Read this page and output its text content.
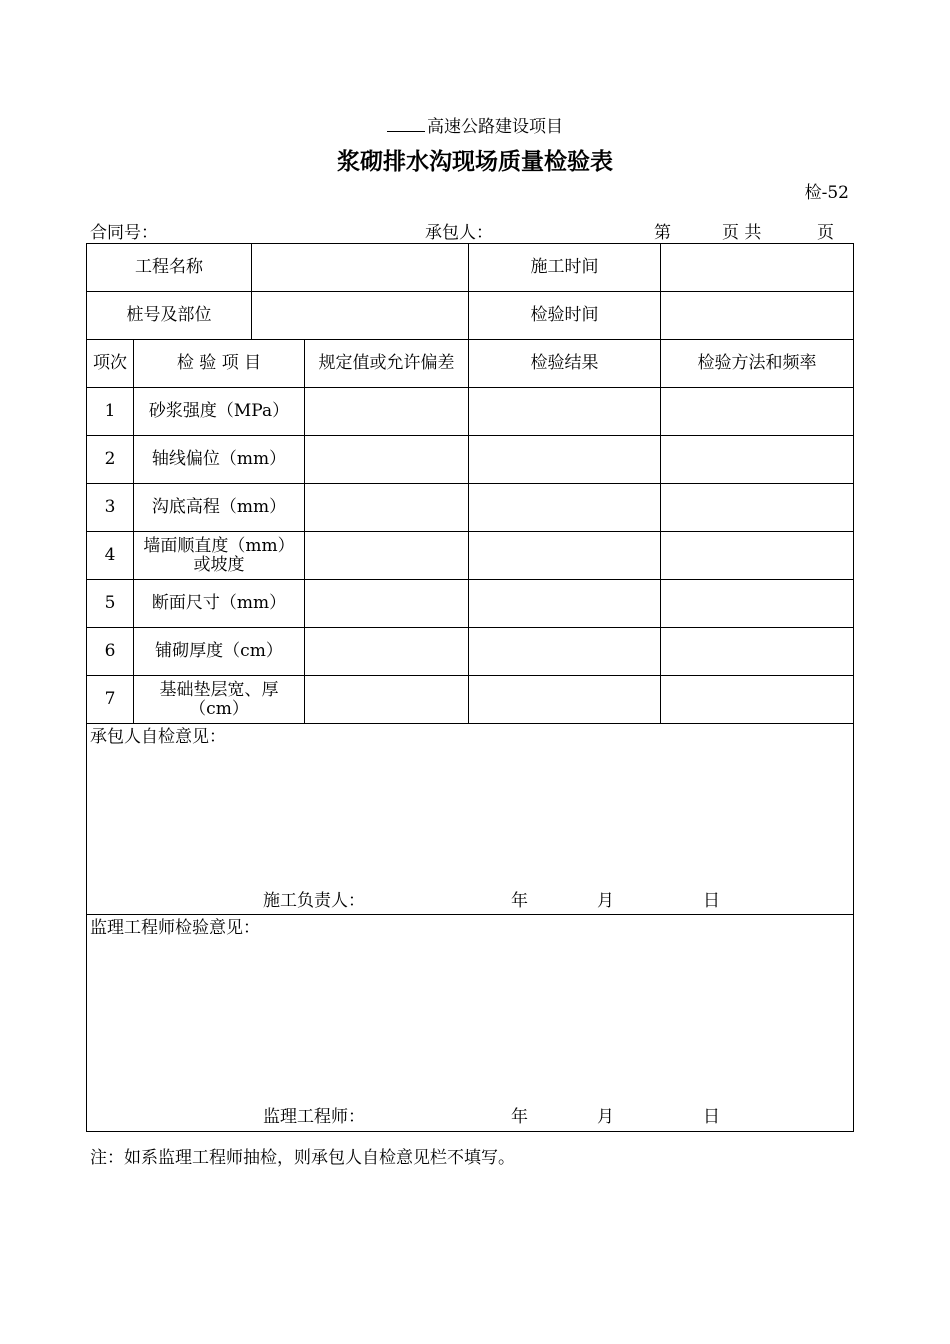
高速公路建设项目
浆砌排水沟现场质量检验表
检-52
合同号：	承包人：	第	页 共	页
工程名称				施工时间	
桩号及部位				检验时间	
项次	检 验 项 目		规定值或允许偏差	检验结果	检验方法和频率
1	砂浆强度（MPa）				
2	轴线偏位（mm）				
3	沟底高程（mm）				
4	墙面顺直度（mm）
或坡度				

5	断面尺寸（mm）				
6	铺砌厚度（cm）				
7	基础垫层宽、厚
（cm）				

承包人自检意见：
施工负责人： 年 月 日					

监理工程师检验意见：
监理工程师： 年 月 日					
注：如系监理工程师抽检，则承包人自检意见栏不填写。
